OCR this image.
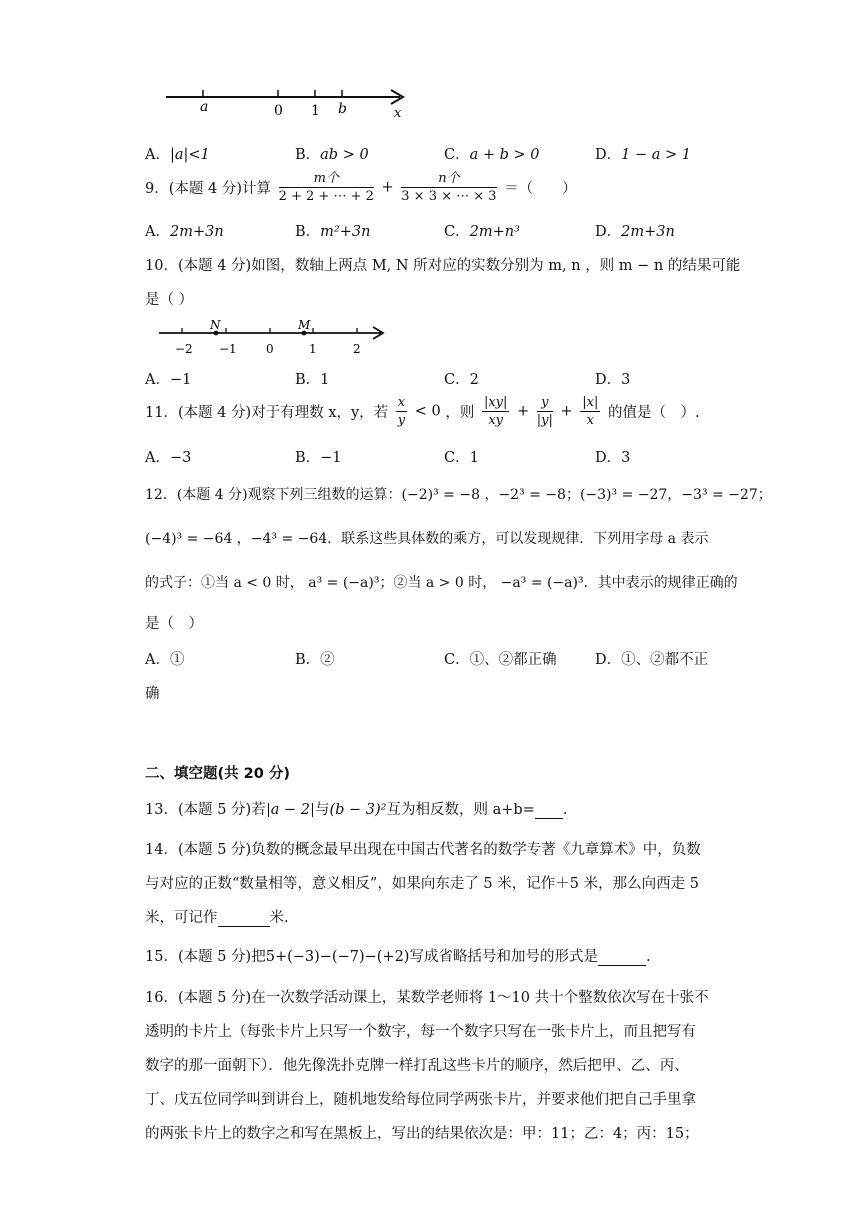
a	0 1 b	x
A．|a|<1	B．ab > 0	C．a + b > 0	D．1 − a > 1
9．(本题 4 分)计算 $\frac{\text{m个}}{2 + 2 + \cdots + 2} + \frac{\text{n个}}{3 \times 3 \times \cdots \times 3}$ ＝（　　）
A．2m+3n	B．m²+3n	C．2m+n³	D．2m+3n
10．(本题 4 分)如图，数轴上两点 M, N 所对应的实数分别为 m, n ，则 m − n 的结果可能
是（ ）
N	M
−2 −1 0	1	2
A．−1	B．1	C．2	D．3
11．(本题 4 分)对于有理数 x，y，若 $\frac{x}{y} < 0$ ，则 $\frac{|xy|}{xy} + \frac{y}{|y|} + \frac{|x|}{x}$ 的值是（　）.
A．−3	B．−1	C．1	D．3
12．(本题 4 分)观察下列三组数的运算：(−2)³ = −8 ，−2³ = −8；(−3)³ = −27，−3³ = −27；
(−4)³ = −64 ，−4³ = −64．联系这些具体数的乘方，可以发现规律．下列用字母 a 表示
的式子：①当 a < 0 时， a³ = (−a)³；②当 a > 0 时， −a³ = (−a)³．其中表示的规律正确的
是（　）
A．①	B．②	C．①、②都正确	D．①、②都不正
确
二、填空题(共 20 分)
13．(本题 5 分)若 a − 2 与(b − 3)²互为相反数，则 a+b= .
14．(本题 5 分)负数的概念最早出现在中国古代著名的数学专著《九章算术》中，负数
与对应的正数“数量相等，意义相反”，如果向东走了 5 米，记作＋5 米，那么向西走 5
米，可记作	米.
15．(本题 5 分)把5+(−3)−(−7)−(+2)写成省略括号和加号的形式是	.
16．(本题 5 分)在一次数学活动课上，某数学老师将 1～10 共十个整数依次写在十张不
透明的卡片上（每张卡片上只写一个数字，每一个数字只写在一张卡片上，而且把写有
数字的那一面朝下）．他先像洗扑克牌一样打乱这些卡片的顺序，然后把甲、乙、丙、
丁、戊五位同学叫到讲台上，随机地发给每位同学两张卡片，并要求他们把自己手里拿
的两张卡片上的数字之和写在黑板上，写出的结果依次是：甲：11；乙：4；丙：15；
